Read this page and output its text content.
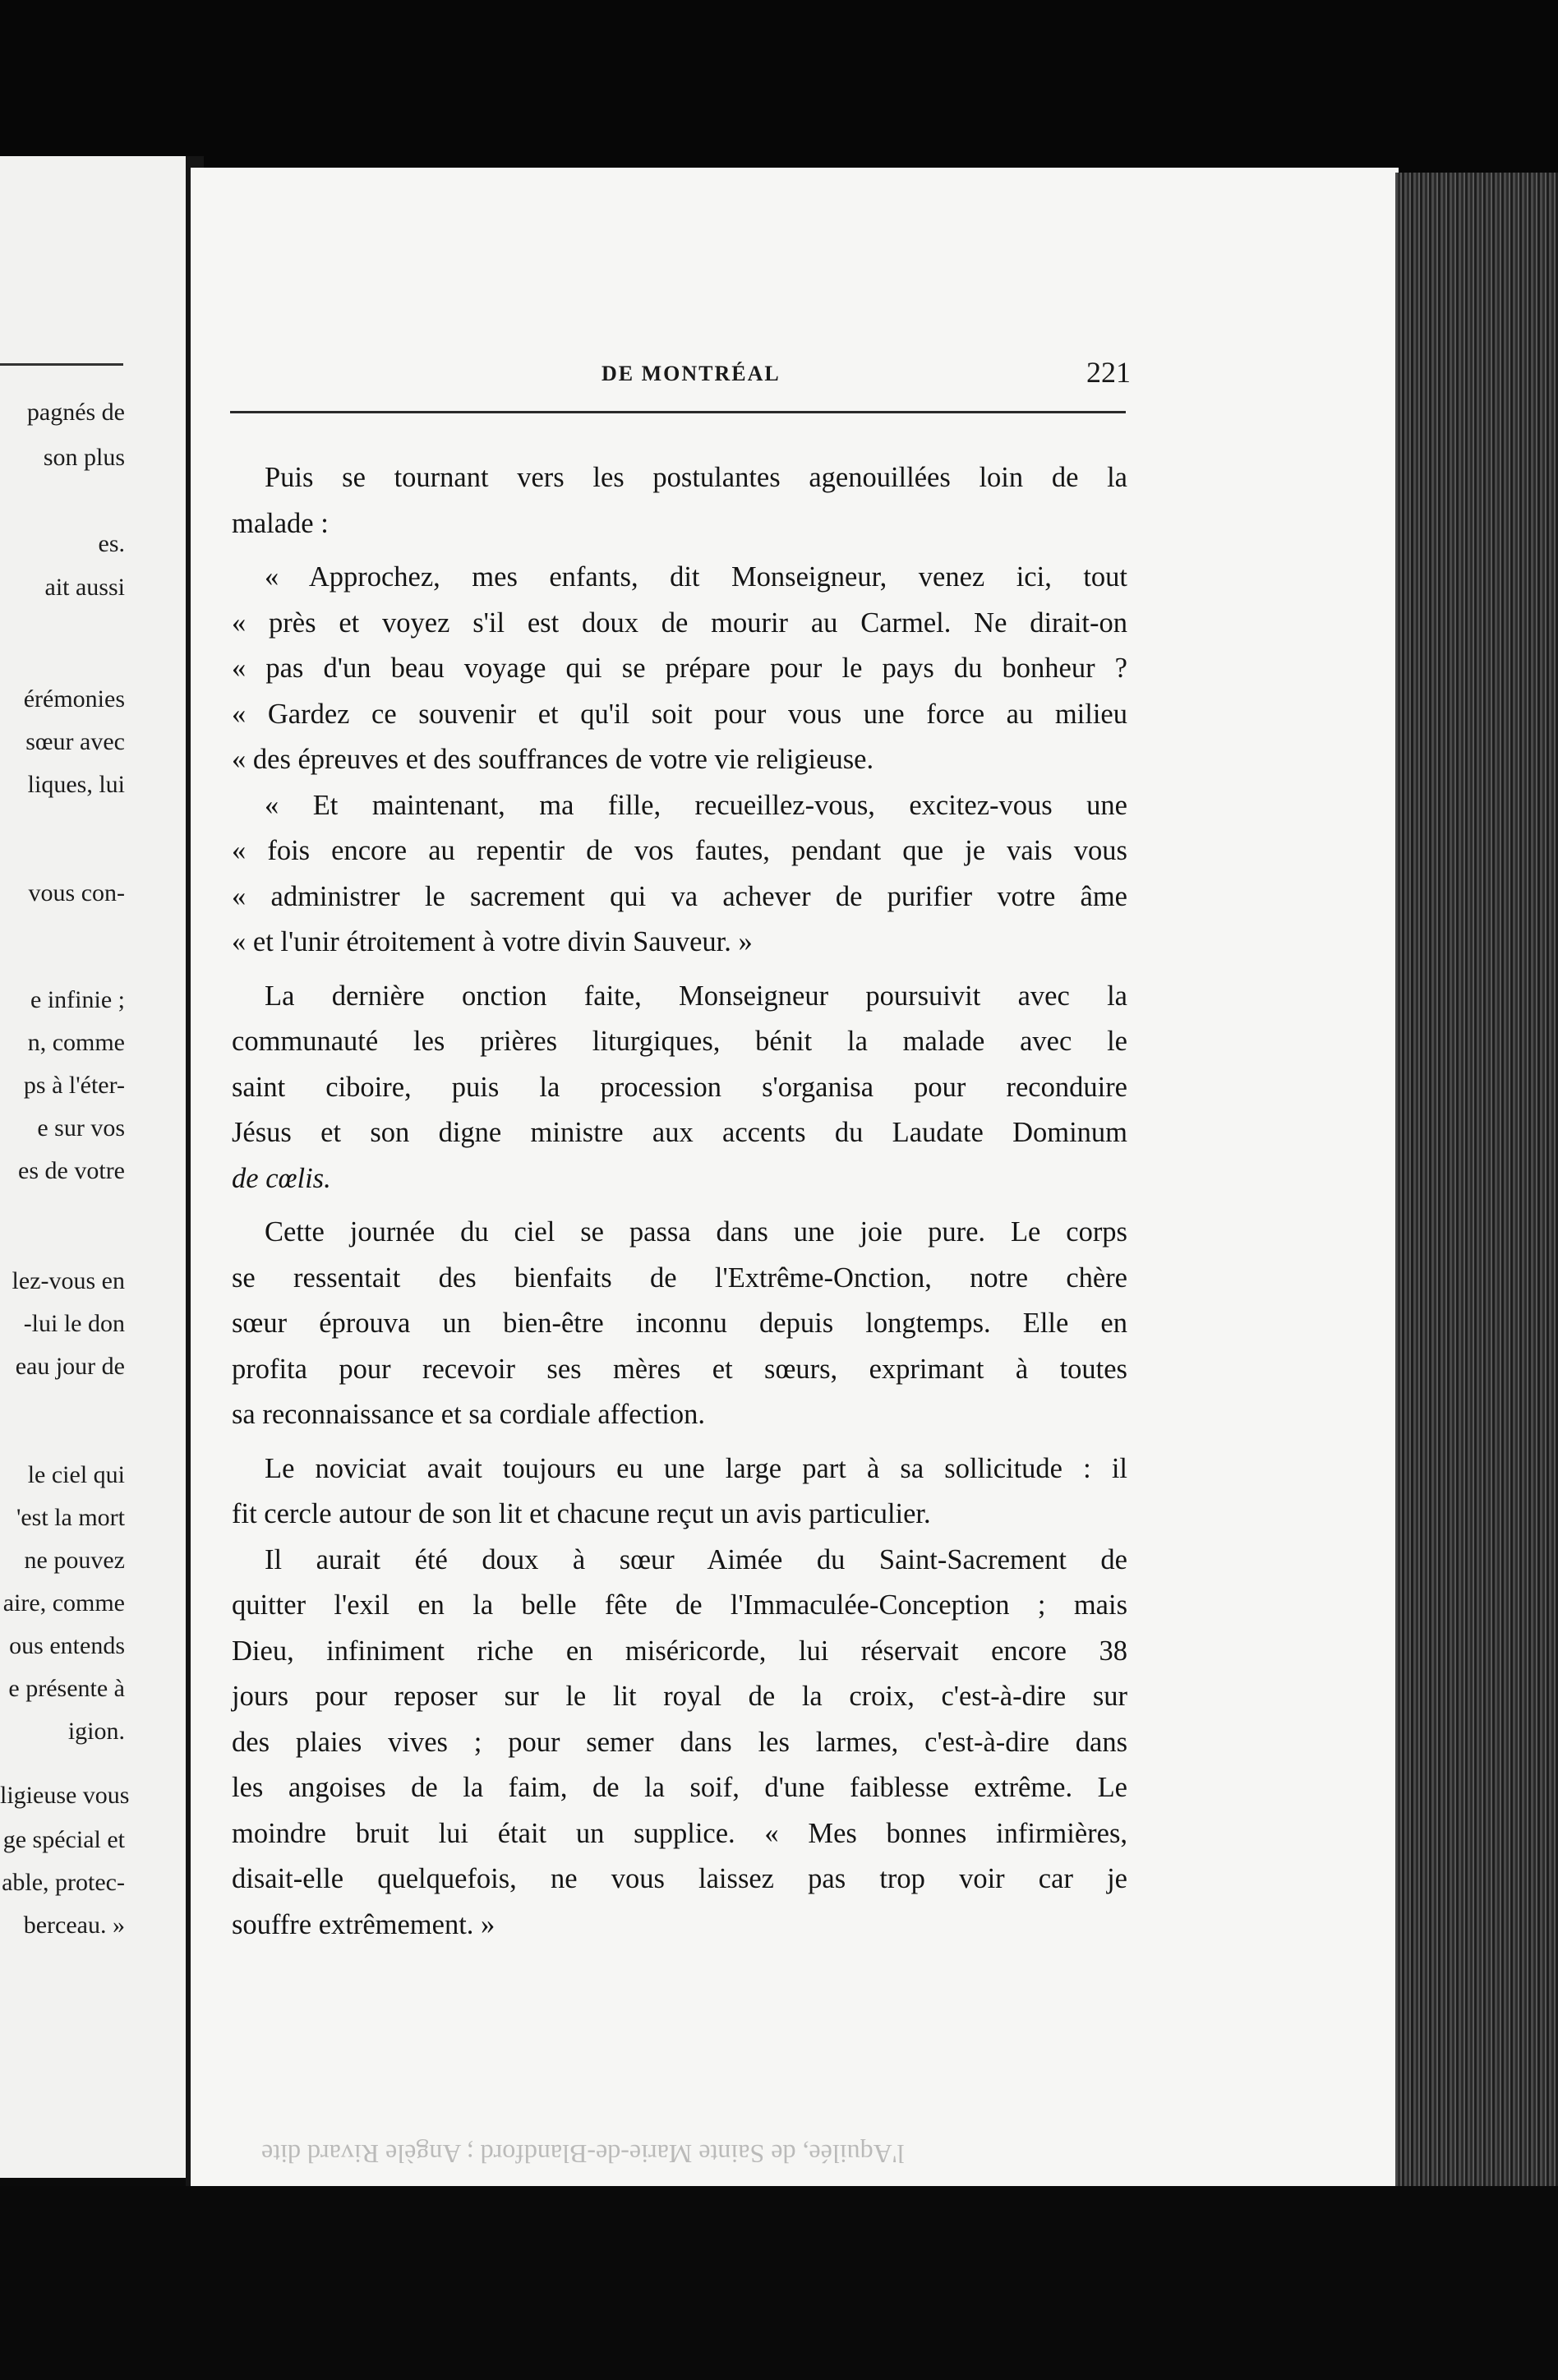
pagnés de
son plus
es.
ait aussi
érémonies
sœur avec
liques, lui
vous con-
e infinie ;
n, comme
ps à l'éter-
e sur vos
es de votre
lez-vous en
-lui le don
eau jour de
le ciel qui
'est la mort
ne pouvez
aire, comme
ous entends
e présente à
igion.
ligieuse vous
ge spécial et
able, protec-
berceau. »
DE MONTRÉAL	221
Puis se tournant vers les postulantes agenouillées loin de la
malade :
« Approchez, mes enfants, dit Monseigneur, venez ici, tout
« près et voyez s'il est doux de mourir au Carmel. Ne dirait-on
« pas d'un beau voyage qui se prépare pour le pays du bonheur ?
« Gardez ce souvenir et qu'il soit pour vous une force au milieu
« des épreuves et des souffrances de votre vie religieuse.
« Et maintenant, ma fille, recueillez-vous, excitez-vous une
« fois encore au repentir de vos fautes, pendant que je vais vous
« administrer le sacrement qui va achever de purifier votre âme
« et l'unir étroitement à votre divin Sauveur. »
La dernière onction faite, Monseigneur poursuivit avec la
communauté les prières liturgiques, bénit la malade avec le
saint ciboire, puis la procession s'organisa pour reconduire
Jésus et son digne ministre aux accents du Laudate Dominum
de cœlis.
Cette journée du ciel se passa dans une joie pure. Le corps
se ressentait des bienfaits de l'Extrême-Onction, notre chère
sœur éprouva un bien-être inconnu depuis longtemps. Elle en
profita pour recevoir ses mères et sœurs, exprimant à toutes
sa reconnaissance et sa cordiale affection.
Le noviciat avait toujours eu une large part à sa sollicitude : il
fit cercle autour de son lit et chacune reçut un avis particulier.
Il aurait été doux à sœur Aimée du Saint-Sacrement de
quitter l'exil en la belle fête de l'Immaculée-Conception ; mais
Dieu, infiniment riche en miséricorde, lui réservait encore 38
jours pour reposer sur le lit royal de la croix, c'est-à-dire sur
des plaies vives ; pour semer dans les larmes, c'est-à-dire dans
les angoises de la faim, de la soif, d'une faiblesse extrême. Le
moindre bruit lui était un supplice. « Mes bonnes infirmières,
disait-elle quelquefois, ne vous laissez pas trop voir car je
souffre extrêmement. »
l'Aquilée, de Sainte Marie-de-Blandford ; Angèle Rivard dite
